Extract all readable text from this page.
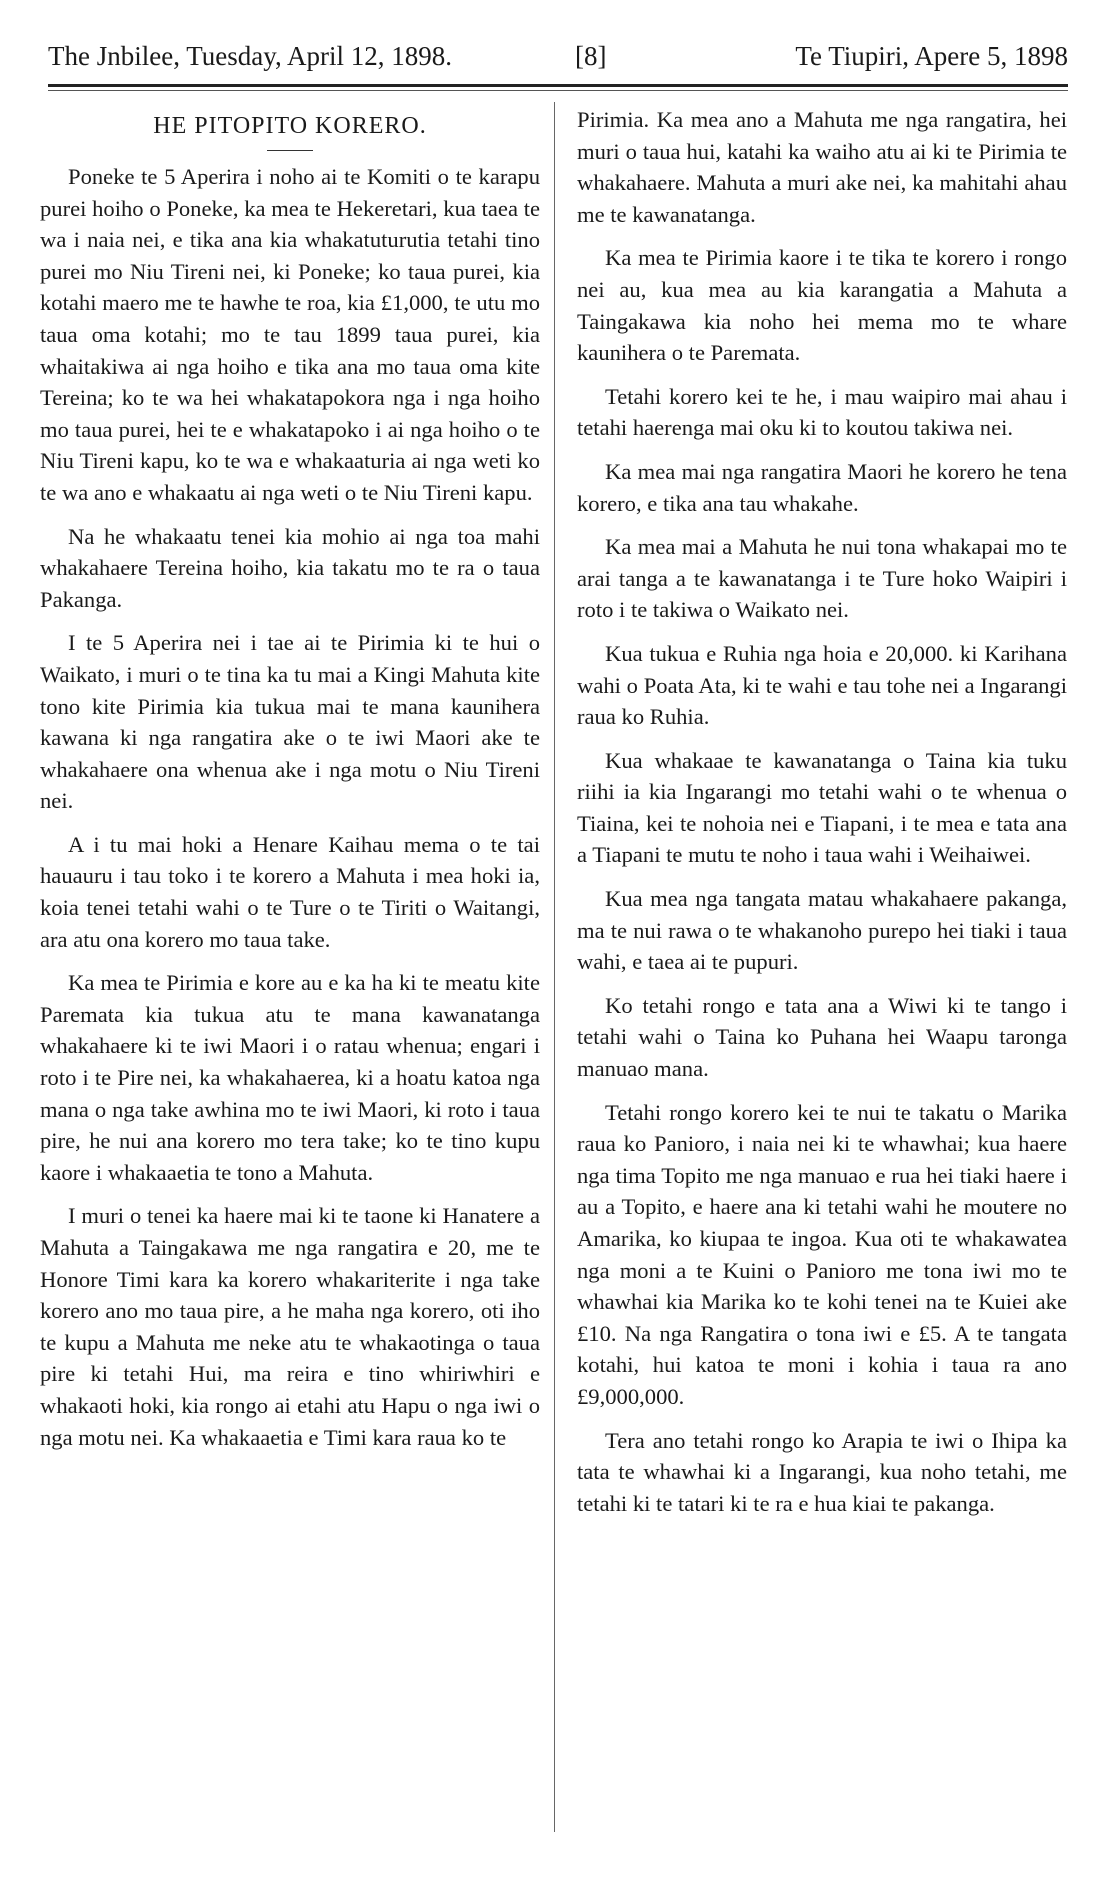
The Jnbilee, Tuesday, April 12, 1898.	[8]	Te Tiupiri, Apere 5, 1898
HE PITOPITO KORERO.

Poneke te 5 Aperira i noho ai te Komiti o te karapu purei hoiho o Poneke, ka mea te Hekeretari, kua taea te wa i naia nei, e tika ana kia whakatuturutia tetahi tino purei mo Niu Tireni nei, ki Poneke; ko taua purei, kia kotahi maero me te hawhe te roa, kia £1,000, te utu mo taua oma kotahi; mo te tau 1899 taua purei, kia whaitakiwa ai nga hoiho e tika ana mo taua oma kite Tereina; ko te wa hei whakatapokora nga i nga hoiho mo taua purei, hei te e whakatapoko i ai nga hoiho o te Niu Tireni kapu, ko te wa e whakaaturia ai nga weti ko te wa ano e whakaatu ai nga weti o te Niu Tireni kapu.

Na he whakaatu tenei kia mohio ai nga toa mahi whakahaere Tereina hoiho, kia takatu mo te ra o taua Pakanga.

I te 5 Aperira nei i tae ai te Pirimia ki te hui o Waikato, i muri o te tina ka tu mai a Kingi Mahuta kite tono kite Pirimia kia tukua mai te mana kaunihera kawana ki nga rangatira ake o te iwi Maori ake te whakahaere ona whenua ake i nga motu o Niu Tireni nei.

A i tu mai hoki a Henare Kaihau mema o te tai hauauru i tau toko i te korero a Mahuta i mea hoki ia, koia tenei tetahi wahi o te Ture o te Tiriti o Waitangi, ara atu ona korero mo taua take.

Ka mea te Pirimia e kore au e ka ha ki te meatu kite Paremata kia tukua atu te mana kawanatanga whakahaere ki te iwi Maori i o ratau whenua; engari i roto i te Pire nei, ka whakahaerea, ki a hoatu katoa nga mana o nga take awhina mo te iwi Maori, ki roto i taua pire, he nui ana korero mo tera take; ko te tino kupu kaore i whakaaetia te tono a Mahuta.

I muri o tenei ka haere mai ki te taone ki Hanatere a Mahuta a Taingakawa me nga rangatira e 20, me te Honore Timi kara ka korero whakariterite i nga take korero ano mo taua pire, a he maha nga korero, oti iho te kupu a Mahuta me neke atu te whakaotinga o taua pire ki tetahi Hui, ma reira e tino whiriwhiri e whakaoti hoki, kia rongo ai etahi atu Hapu o nga iwi o nga motu nei. Ka whakaaetia e Timi kara raua ko te

Pirimia. Ka mea ano a Mahuta me nga rangatira, hei muri o taua hui, katahi ka waiho atu ai ki te Pirimia te whakahaere. Mahuta a muri ake nei, ka mahitahi ahau me te kawanatanga.

Ka mea te Pirimia kaore i te tika te korero i rongo nei au, kua mea au kia karangatia a Mahuta a Taingakawa kia noho hei mema mo te whare kaunihera o te Paremata.

Tetahi korero kei te he, i mau waipiro mai ahau i tetahi haerenga mai oku ki to koutou takiwa nei.

Ka mea mai nga rangatira Maori he korero he tena korero, e tika ana tau whakahe.

Ka mea mai a Mahuta he nui tona whakapai mo te arai tanga a te kawanatanga i te Ture hoko Waipiri i roto i te takiwa o Waikato nei.

Kua tukua e Ruhia nga hoia e 20,000. ki Karihana wahi o Poata Ata, ki te wahi e tau tohe nei a Ingarangi raua ko Ruhia.

Kua whakaae te kawanatanga o Taina kia tuku riihi ia kia Ingarangi mo tetahi wahi o te whenua o Tiaina, kei te nohoia nei e Tiapani, i te mea e tata ana a Tiapani te mutu te noho i taua wahi i Weihaiwei.

Kua mea nga tangata matau whakahaere pakanga, ma te nui rawa o te whakanoho purepo hei tiaki i taua wahi, e taea ai te pupuri.

Ko tetahi rongo e tata ana a Wiwi ki te tango i tetahi wahi o Taina ko Puhana hei Waapu taronga manuao mana.

Tetahi rongo korero kei te nui te takatu o Marika raua ko Panioro, i naia nei ki te whawhai; kua haere nga tima Topito me nga manuao e rua hei tiaki haere i au a Topito, e haere ana ki tetahi wahi he moutere no Amarika, ko kiupaa te ingoa. Kua oti te whakawatea nga moni a te Kuini o Panioro me tona iwi mo te whawhai kia Marika ko te kohi tenei na te Kuiei ake £10. Na nga Rangatira o tona iwi e £5. A te tangata kotahi, hui katoa te moni i kohia i taua ra ano £9,000,000.

Tera ano tetahi rongo ko Arapia te iwi o Ihipa ka tata te whawhai ki a Ingarangi, kua noho tetahi, me tetahi ki te tatari ki te ra e hua kiai te pakanga.
